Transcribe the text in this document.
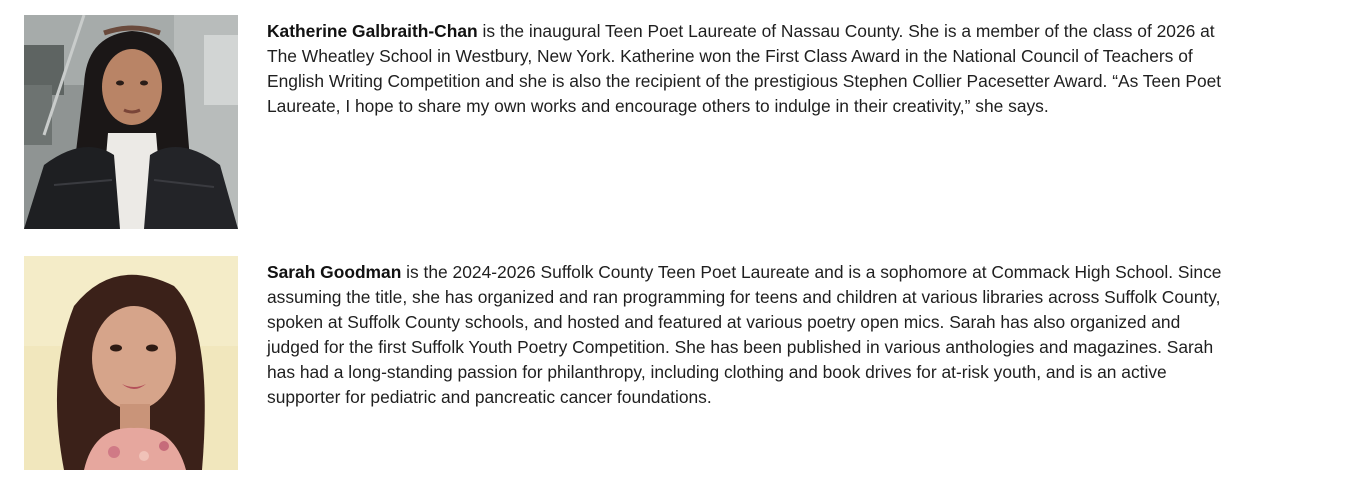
Katherine Galbraith-Chan is the inaugural Teen Poet Laureate of Nassau County. She is a member of the class of 2026 at The Wheatley School in Westbury, New York. Katherine won the First Class Award in the National Council of Teachers of English Writing Competition and she is also the recipient of the prestigious Stephen Collier Pacesetter Award. “As Teen Poet Laureate, I hope to share my own works and encourage others to indulge in their creativity,” she says.
Sarah Goodman is the 2024-2026 Suffolk County Teen Poet Laureate and is a sophomore at Commack High School. Since assuming the title, she has organized and ran programming for teens and children at various libraries across Suffolk County, spoken at Suffolk County schools, and hosted and featured at various poetry open mics. Sarah has also organized and judged for the first Suffolk Youth Poetry Competition. She has been published in various anthologies and magazines. Sarah has had a long-standing passion for philanthropy, including clothing and book drives for at-risk youth, and is an active supporter for pediatric and pancreatic cancer foundations.
